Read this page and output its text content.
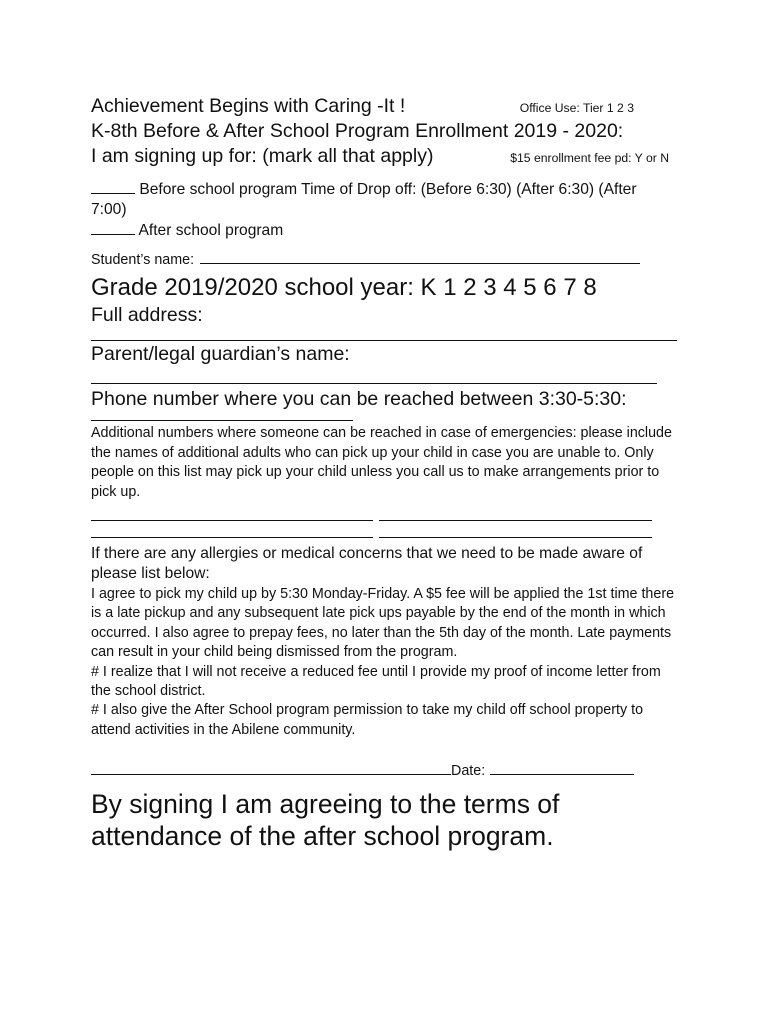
Achievement Begins with Caring -It !	Office Use: Tier 1 2 3
K-8th Before & After School Program Enrollment 2019 - 2020:
I am signing up for: (mark all that apply)	$15 enrollment fee pd: Y or N
Before school program Time of Drop off: (Before 6:30) (After 6:30) (After 7:00)
After school program
Student’s name:
Grade 2019/2020 school year: K 1 2 3 4 5 6 7 8
Full address:
Parent/legal guardian’s name:
Phone number where you can be reached between 3:30-5:30:

Additional numbers where someone can be reached in case of emergencies: please include the names of additional adults who can pick up your child in case you are unable to. Only people on this list may pick up your child unless you call us to make arrangements prior to pick up.

If there are any allergies or medical concerns that we need to be made aware of please list below:

I agree to pick my child up by 5:30 Monday-Friday. A $5 fee will be applied the 1st time there is a late pickup and any subsequent late pick ups payable by the end of the month in which occurred. I also agree to prepay fees, no later than the 5th day of the month. Late payments can result in your child being dismissed from the program.

# I realize that I will not receive a reduced fee until I provide my proof of income letter from the school district.

# I also give the After School program permission to take my child off school property to attend activities in the Abilene community.

Date:

By signing I am agreeing to the terms of attendance of the after school program.
